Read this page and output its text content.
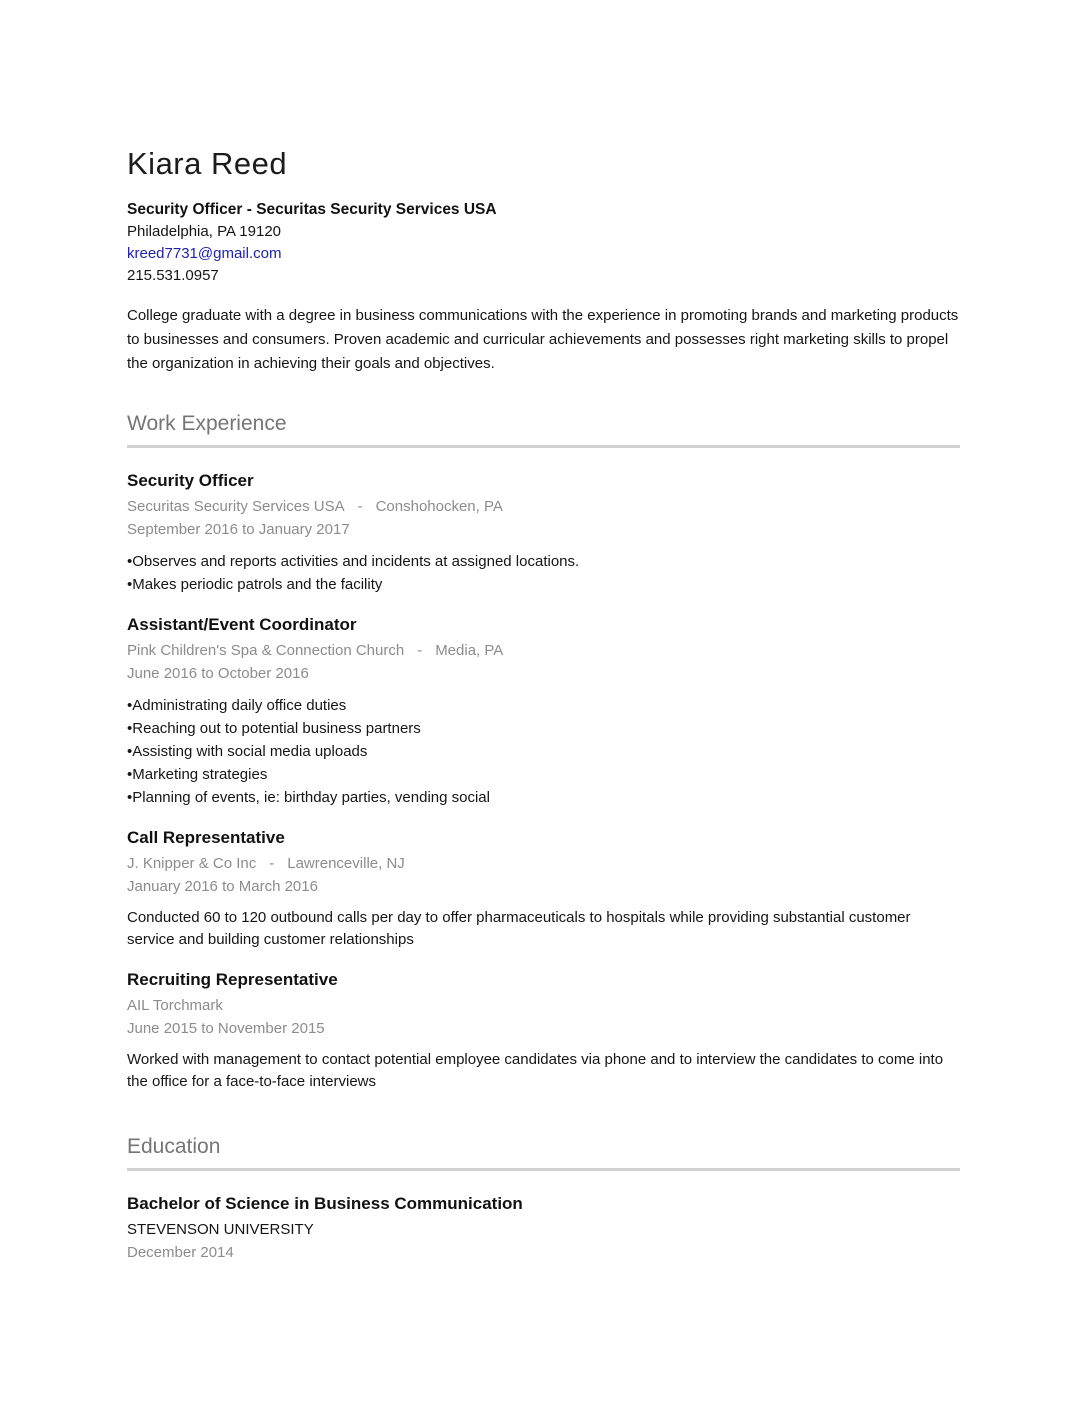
Kiara Reed
Security Officer - Securitas Security Services USA
Philadelphia, PA 19120
kreed7731@gmail.com
215.531.0957

College graduate with a degree in business communications with the experience in promoting brands and marketing products to businesses and consumers. Proven academic and curricular achievements and possesses right marketing skills to propel the organization in achieving their goals and objectives.

Work Experience
Security Officer
Securitas Security Services USA - Conshohocken, PA
September 2016 to January 2017
• Observes and reports activities and incidents at assigned locations.
• Makes periodic patrols and the facility
Assistant/Event Coordinator
Pink Children's Spa & Connection Church - Media, PA
June 2016 to October 2016
• Administrating daily office duties
• Reaching out to potential business partners
• Assisting with social media uploads
• Marketing strategies
• Planning of events, ie: birthday parties, vending social
Call Representative
J. Knipper & Co Inc - Lawrenceville, NJ
January 2016 to March 2016

Conducted 60 to 120 outbound calls per day to offer pharmaceuticals to hospitals while providing substantial customer service and building customer relationships

Recruiting Representative
AIL Torchmark
June 2015 to November 2015

Worked with management to contact potential employee candidates via phone and to interview the candidates to come into the office for a face-to-face interviews

Education
Bachelor of Science in Business Communication
STEVENSON UNIVERSITY
December 2014
